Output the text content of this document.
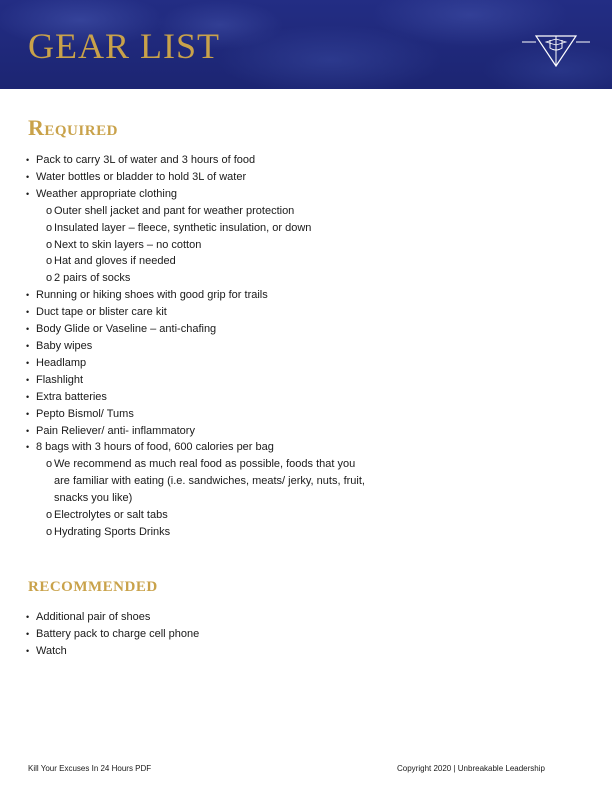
GEAR LIST
Required
• Pack to carry 3L of water and 3 hours of food
• Water bottles or bladder to hold 3L of water
• Weather appropriate clothing
o Outer shell jacket and pant for weather protection
o Insulated layer – fleece, synthetic insulation, or down
o Next to skin layers – no cotton
o Hat and gloves if needed
o 2 pairs of socks
• Running or hiking shoes with good grip for trails
• Duct tape or blister care kit
• Body Glide or Vaseline – anti-chafing
• Baby wipes
• Headlamp
• Flashlight
• Extra batteries
• Pepto Bismol/ Tums
• Pain Reliever/ anti- inflammatory
• 8 bags with 3 hours of food, 600 calories per bag
o We recommend as much real food as possible, foods that you are familiar with eating (i.e. sandwiches, meats/ jerky, nuts, fruit, snacks you like)
o Electrolytes or salt tabs
o Hydrating Sports Drinks
recommended
• Additional pair of shoes
• Battery pack to charge cell phone
• Watch
Kill Your Excuses In 24 Hours PDF	Copyright 2020 | Unbreakable Leadership
